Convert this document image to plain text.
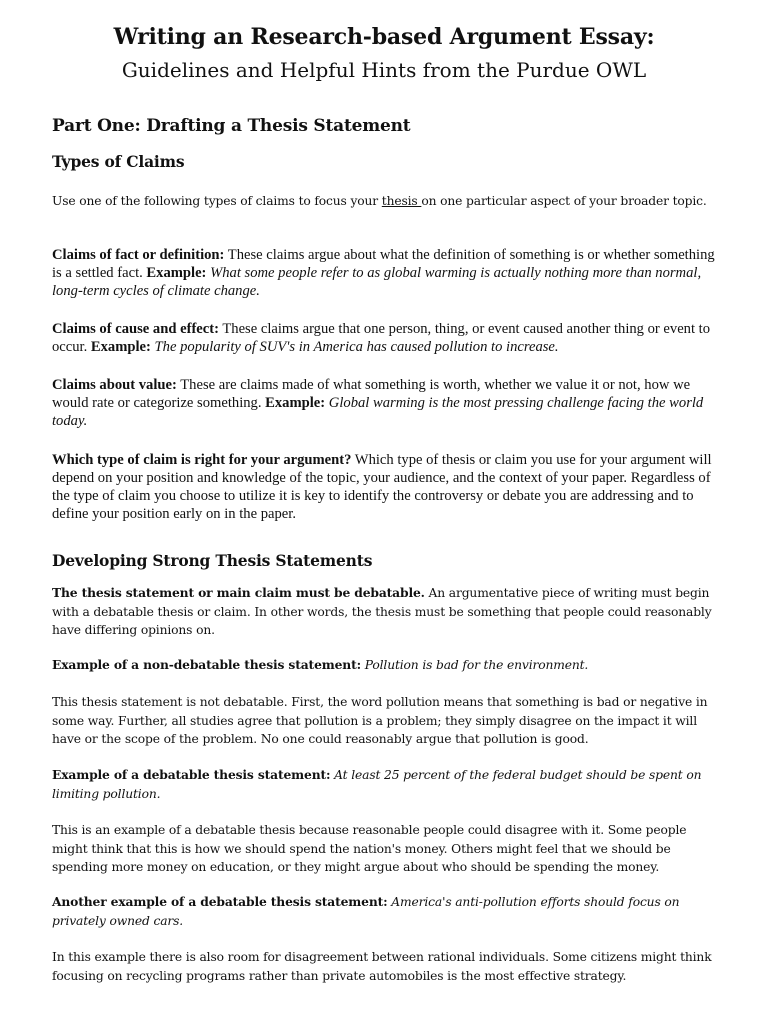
Writing an Research-based Argument Essay:
Guidelines and Helpful Hints from the Purdue OWL
Part One: Drafting a Thesis Statement
Types of Claims
Use one of the following types of claims to focus your thesis on one particular aspect of your broader topic.
Claims of fact or definition: These claims argue about what the definition of something is or whether something is a settled fact. Example: What some people refer to as global warming is actually nothing more than normal, long-term cycles of climate change.
Claims of cause and effect: These claims argue that one person, thing, or event caused another thing or event to occur. Example: The popularity of SUV's in America has caused pollution to increase.
Claims about value: These are claims made of what something is worth, whether we value it or not, how we would rate or categorize something. Example: Global warming is the most pressing challenge facing the world today.
Which type of claim is right for your argument? Which type of thesis or claim you use for your argument will depend on your position and knowledge of the topic, your audience, and the context of your paper. Regardless of the type of claim you choose to utilize it is key to identify the controversy or debate you are addressing and to define your position early on in the paper.
Developing Strong Thesis Statements
The thesis statement or main claim must be debatable. An argumentative piece of writing must begin with a debatable thesis or claim. In other words, the thesis must be something that people could reasonably have differing opinions on.
Example of a non-debatable thesis statement: Pollution is bad for the environment.
This thesis statement is not debatable. First, the word pollution means that something is bad or negative in some way. Further, all studies agree that pollution is a problem; they simply disagree on the impact it will have or the scope of the problem. No one could reasonably argue that pollution is good.
Example of a debatable thesis statement: At least 25 percent of the federal budget should be spent on limiting pollution.
This is an example of a debatable thesis because reasonable people could disagree with it. Some people might think that this is how we should spend the nation's money. Others might feel that we should be spending more money on education, or they might argue about who should be spending the money.
Another example of a debatable thesis statement: America's anti-pollution efforts should focus on privately owned cars.
In this example there is also room for disagreement between rational individuals. Some citizens might think focusing on recycling programs rather than private automobiles is the most effective strategy.
